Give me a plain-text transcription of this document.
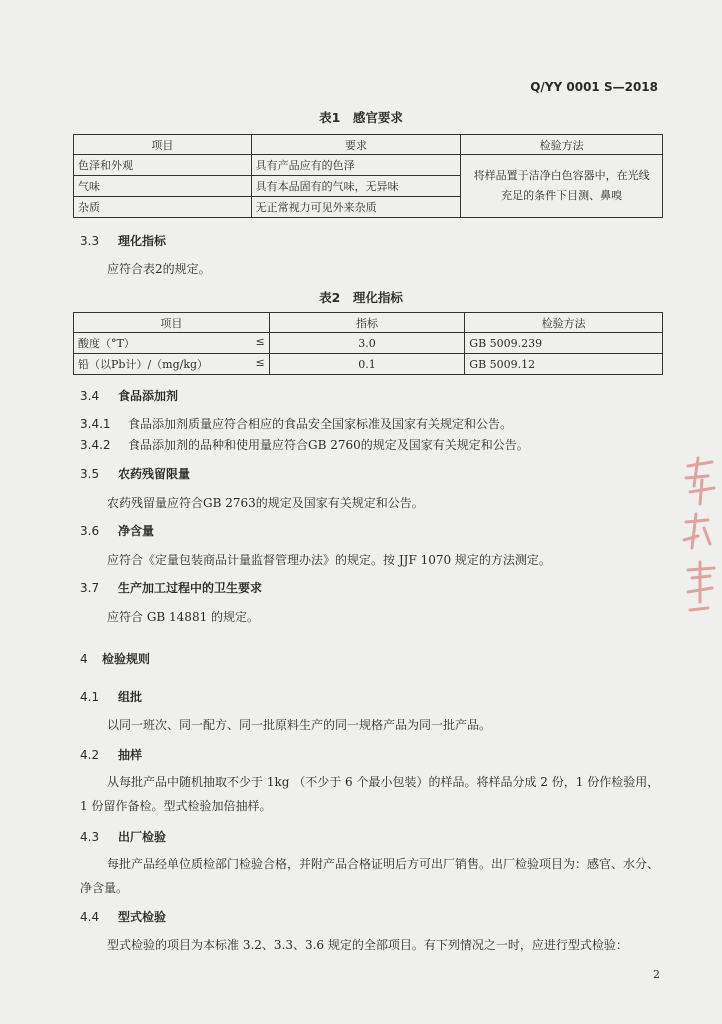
Q/YY 0001 S—2018
表1　感官要求
项目	要求	检验方法
色泽和外观	具有产品应有的色泽	将样品置于洁净白色容器中，在光线充足的条件下目测、鼻嗅
气味	具有本品固有的气味，无异味	
杂质	无正常视力可见外来杂质	
3.3 理化指标
应符合表2的规定。
表2　理化指标
项目	指标	检验方法
酸度（°T） ≤	3.0	GB 5009.239
铅（以Pb计）/（mg/kg） ≤	0.1	GB 5009.12
3.4 食品添加剂
3.4.1 食品添加剂质量应符合相应的食品安全国家标准及国家有关规定和公告。
3.4.2 食品添加剂的品种和使用量应符合GB 2760的规定及国家有关规定和公告。
3.5 农药残留限量
农药残留量应符合GB 2763的规定及国家有关规定和公告。
3.6 净含量
应符合《定量包装商品计量监督管理办法》的规定。按 JJF 1070 规定的方法测定。
3.7 生产加工过程中的卫生要求
应符合 GB 14881 的规定。
4 检验规则
4.1 组批
以同一班次、同一配方、同一批原料生产的同一规格产品为同一批产品。
4.2 抽样
从每批产品中随机抽取不少于 1kg （不少于 6 个最小包装）的样品。将样品分成 2 份，1 份作检验用，1 份留作备检。型式检验加倍抽样。
4.3 出厂检验
每批产品经单位质检部门检验合格，并附产品合格证明后方可出厂销售。出厂检验项目为：感官、水分、净含量。
4.4 型式检验
型式检验的项目为本标准 3.2、3.3、3.6 规定的全部项目。有下列情况之一时，应进行型式检验：
2
